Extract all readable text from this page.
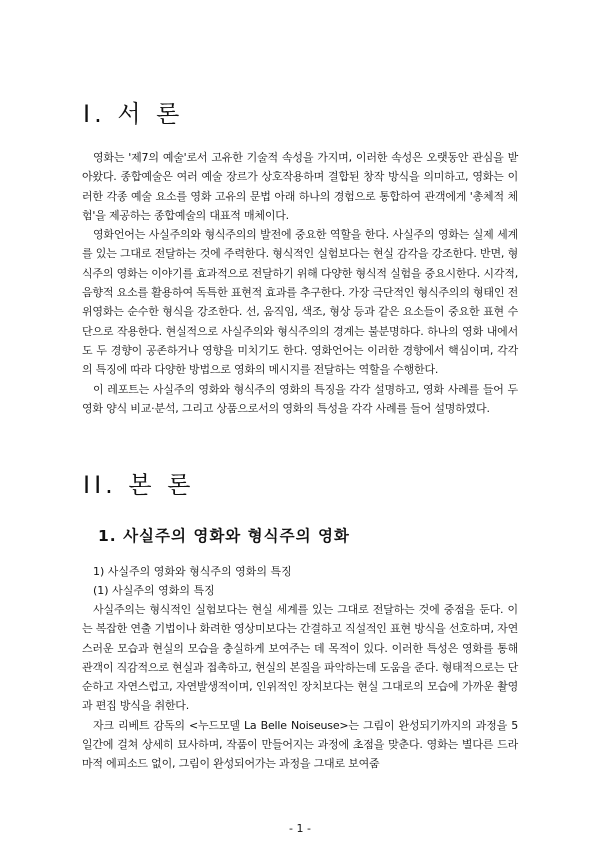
I. 서 론

영화는 '제7의 예술'로서 고유한 기술적 속성을 가지며, 이러한 속성은 오랫동안 관심을 받아왔다. 종합예술은 여러 예술 장르가 상호작용하며 결합된 창작 방식을 의미하고, 영화는 이러한 각종 예술 요소를 영화 고유의 문법 아래 하나의 경험으로 통합하여 관객에게 '총체적 체험'을 제공하는 종합예술의 대표적 매체이다.

영화언어는 사실주의와 형식주의의 발전에 중요한 역할을 한다. 사실주의 영화는 실제 세계를 있는 그대로 전달하는 것에 주력한다. 형식적인 실험보다는 현실 감각을 강조한다. 반면, 형식주의 영화는 이야기를 효과적으로 전달하기 위해 다양한 형식적 실험을 중요시한다. 시각적, 음향적 요소를 활용하여 독특한 표현적 효과를 추구한다. 가장 극단적인 형식주의의 형태인 전위영화는 순수한 형식을 강조한다. 선, 움직임, 색조, 형상 등과 같은 요소들이 중요한 표현 수단으로 작용한다. 현실적으로 사실주의와 형식주의의 경계는 불분명하다. 하나의 영화 내에서도 두 경향이 공존하거나 영향을 미치기도 한다. 영화언어는 이러한 경향에서 핵심이며, 각각의 특징에 따라 다양한 방법으로 영화의 메시지를 전달하는 역할을 수행한다.

이 레포트는 사실주의 영화와 형식주의 영화의 특징을 각각 설명하고, 영화 사례를 들어 두 영화 양식 비교·분석, 그리고 상품으로서의 영화의 특성을 각각 사례를 들어 설명하였다.

II. 본 론
1. 사실주의 영화와 형식주의 영화
1) 사실주의 영화와 형식주의 영화의 특징
(1) 사실주의 영화의 특징

사실주의는 형식적인 실험보다는 현실 세계를 있는 그대로 전달하는 것에 중점을 둔다. 이는 복잡한 연출 기법이나 화려한 영상미보다는 간결하고 직설적인 표현 방식을 선호하며, 자연스러운 모습과 현실의 모습을 충실하게 보여주는 데 목적이 있다. 이러한 특성은 영화를 통해 관객이 직감적으로 현실과 접촉하고, 현실의 본질을 파악하는데 도움을 준다. 형태적으로는 단순하고 자연스럽고, 자연발생적이며, 인위적인 장치보다는 현실 그대로의 모습에 가까운 촬영과 편집 방식을 취한다.

자크 리베트 감독의 <누드모델 La Belle Noiseuse>는 그림이 완성되기까지의 과정을 5일간에 걸쳐 상세히 묘사하며, 작품이 만들어지는 과정에 초점을 맞춘다. 영화는 별다른 드라마적 에피소드 없이, 그림이 완성되어가는 과정을 그대로 보여줌

- 1 -
